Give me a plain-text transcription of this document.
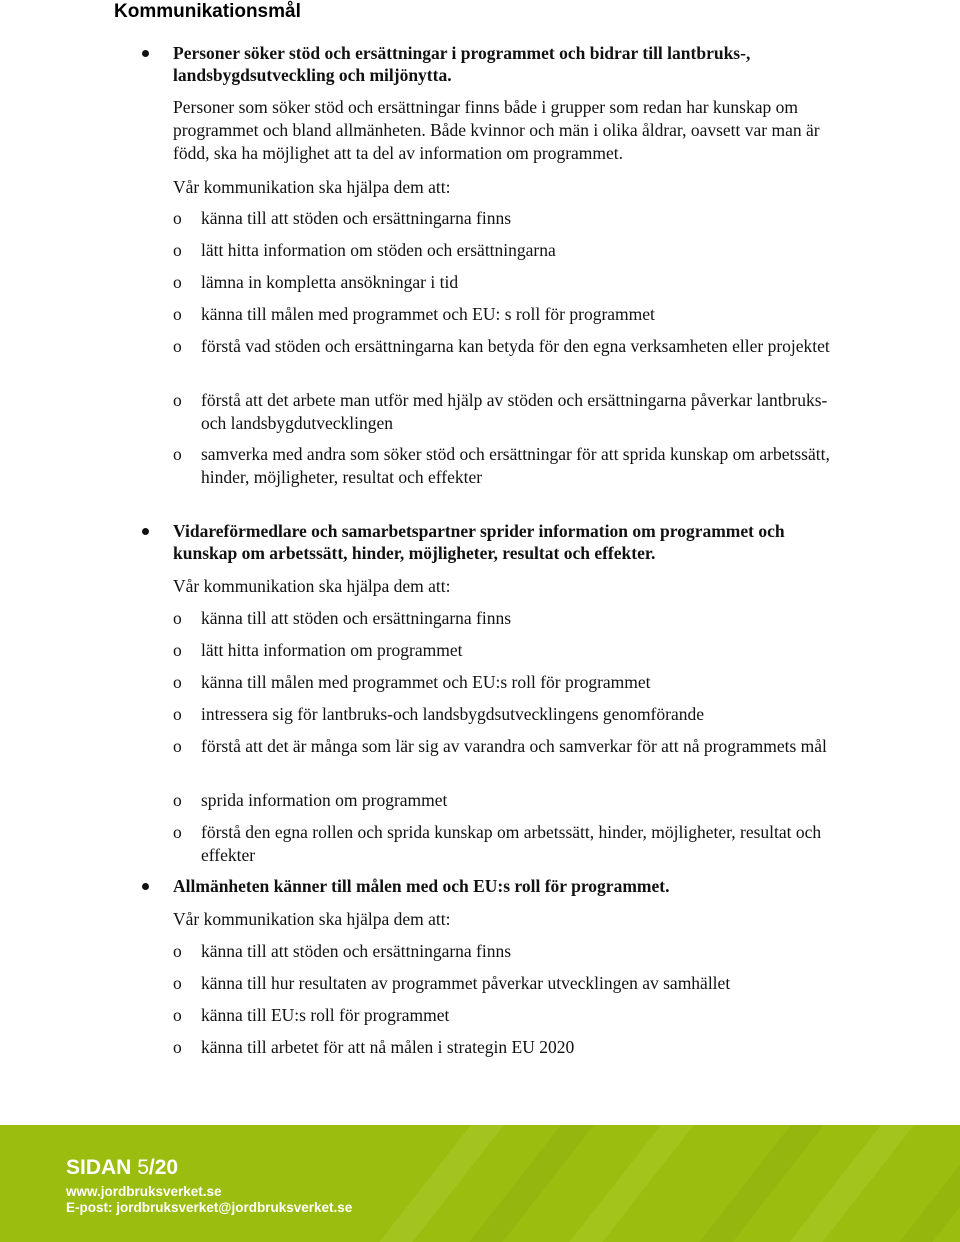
Kommunikationsmål
Personer söker stöd och ersättningar i programmet och bidrar till lantbruks-, landsbygdsutveckling och miljönytta.
Personer som söker stöd och ersättningar finns både i grupper som redan har kunskap om programmet och bland allmänheten. Både kvinnor och män i olika åldrar, oavsett var man är född, ska ha möjlighet att ta del av information om programmet.
Vår kommunikation ska hjälpa dem att:
o känna till att stöden och ersättningarna finns
o lätt hitta information om stöden och ersättningarna
o lämna in kompletta ansökningar i tid
o känna till målen med programmet och EU: s roll för programmet
o förstå vad stöden och ersättningarna kan betyda för den egna verksamheten eller projektet
o förstå att det arbete man utför med hjälp av stöden och ersättningarna påverkar lantbruks- och landsbygdutvecklingen
o samverka med andra som söker stöd och ersättningar för att sprida kunskap om arbetssätt, hinder, möjligheter, resultat och effekter
Vidareförmedlare och samarbetspartner sprider information om programmet och kunskap om arbetssätt, hinder, möjligheter, resultat och effekter.
Vår kommunikation ska hjälpa dem att:
o känna till att stöden och ersättningarna finns
o lätt hitta information om programmet
o känna till målen med programmet och EU:s roll för programmet
o intressera sig för lantbruks-och landsbygdsutvecklingens genomförande
o förstå att det är många som lär sig av varandra och samverkar för att nå programmets mål
o sprida information om programmet
o förstå den egna rollen och sprida kunskap om arbetssätt, hinder, möjligheter, resultat och effekter
Allmänheten känner till målen med och EU:s roll för programmet.
Vår kommunikation ska hjälpa dem att:
o känna till att stöden och ersättningarna finns
o känna till hur resultaten av programmet påverkar utvecklingen av samhället
o känna till EU:s roll för programmet
o känna till arbetet för att nå målen i strategin EU 2020
SIDAN 5/20
www.jordbruksverket.se
E-post: jordbruksverket@jordbruksverket.se
